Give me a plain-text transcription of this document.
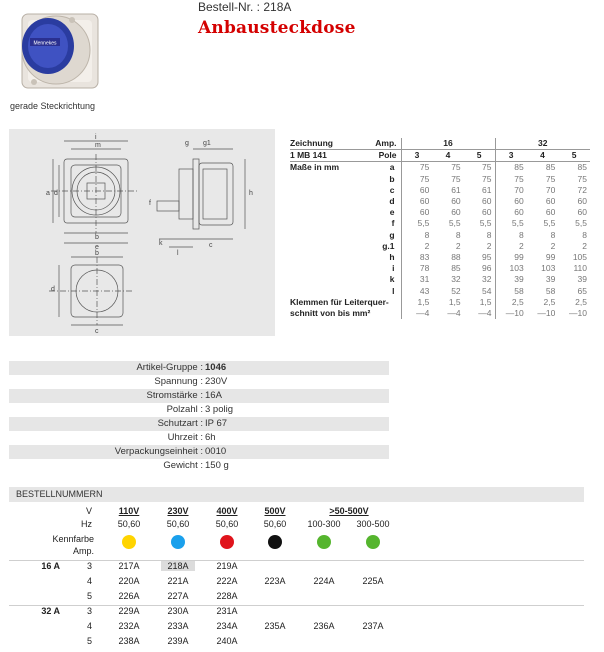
Mennekes
Bestell-Nr. : 218A
Anbausteckdose
gerade Steckrichtung
i
m	g g1
a d	h
b
e	c
f
k
l
d
b
c
Zeichnung	Amp.	16			32		
1 MB 141	Pole	3	4	5	3	4	5

Maße in mm a		75	75	75	85	85	85

b		75	75	75	75	75	75

c		60	61	61	70	70	72

d		60	60	60	60	60	60

e		60	60	60	60	60	60

f		5,5	5,5	5,5	5,5	5,5	5,5

g		8	8	8	8	8	8

g.1		2	2	2	2	2	2

h		83	88	95	99	99	105

i		78	85	96	103	103	110

k		31	32	32	39	39	39

l		43	52	54	58	58	65
Klemmen für Leiterquer-		1,5	1,5	1,5	2,5	2,5	2,5
schnitt von bis mm²		—4	—4	—4	—10	—10	—10
Artikel-Gruppe : 1046
Spannung : 230V
Stromstärke : 16A
Polzahl : 3 polig
Schutzart : IP 67
Uhrzeit : 6h
Verpackungseinheit : 0010
Gewicht : 150 g
BESTELLNUMMERN
V	110V	230V	400V	500V	>50-500V
Hz	50,60	50,60	50,60	50,60	100-300	300-500
Kennfarbe
Amp.
16 A	3	217A	218A	219A
4	220A	221A	222A	223A	224A	225A
5	226A	227A	228A
32 A	3	229A	230A	231A
4	232A	233A	234A	235A	236A	237A
5	238A	239A	240A
